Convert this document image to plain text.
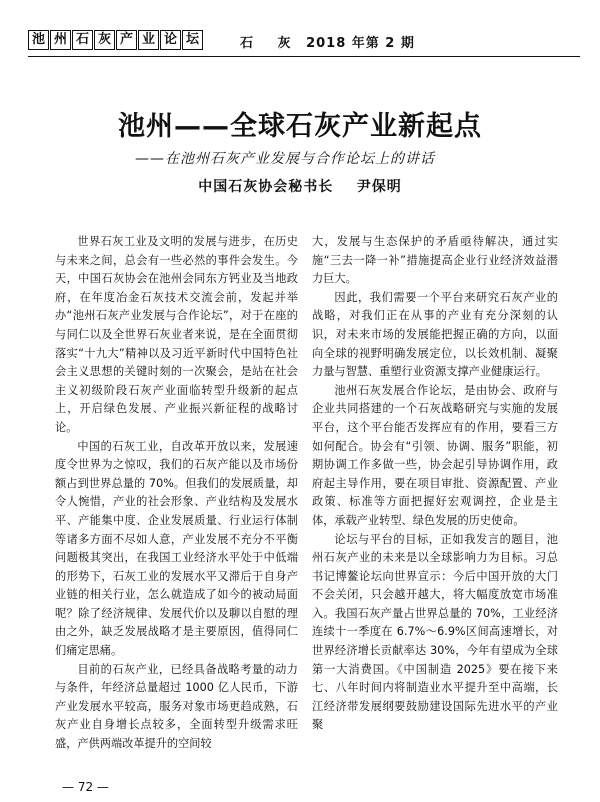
池 州 石 灰 产 业 论 坛	石 灰 2018 年第 2 期
池州——全球石灰产业新起点
——在池州石灰产业发展与合作论坛上的讲话
中国石灰协会秘书长    尹保明

世界石灰工业及文明的发展与进步，在历史与未来之间，总会有一些必然的事件会发生。今天，中国石灰协会在池州会同东方钙业及当地政府，在年度冶金石灰技术交流会前，发起并举办“池州石灰产业发展与合作论坛”，对于在座的与同仁以及全世界石灰业者来说，是在全面贯彻落实“十九大”精神以及习近平新时代中国特色社会主义思想的关键时刻的一次聚会，是站在社会主义初级阶段石灰产业面临转型升级新的起点上，开启绿色发展、产业振兴新征程的战略讨论。

中国的石灰工业，自改革开放以来，发展速度令世界为之惊叹，我们的石灰产能以及市场份额占到世界总量的 70%。但我们的发展质量，却令人惋惜，产业的社会形象、产业结构及发展水平、产能集中度、企业发展质量、行业运行体制等诸多方面不尽如人意，产业发展不充分不平衡问题极其突出，在我国工业经济水平处于中低端的形势下，石灰工业的发展水平又滞后于自身产业链的相关行业，怎么就造成了如今的被动局面呢？除了经济规律、发展代价以及聊以自慰的理由之外，缺乏发展战略才是主要原因，值得同仁们痛定思痛。

目前的石灰产业，已经具备战略考量的动力与条件，年经济总量超过 1000 亿人民币，下游产业发展水平较高，服务对象市场更趋成熟，石灰产业自身增长点较多，全面转型升级需求旺盛，产供两端改革提升的空间较

大，发展与生态保护的矛盾亟待解决，通过实施“三去一降一补”措施提高企业行业经济效益潜力巨大。

因此，我们需要一个平台来研究石灰产业的战略，对我们正在从事的产业有充分深刻的认识，对未来市场的发展能把握正确的方向，以面向全球的视野明确发展定位，以长效机制、凝聚力量与智慧、重塑行业资源支撑产业健康运行。

池州石灰发展合作论坛，是由协会、政府与企业共同搭建的一个石灰战略研究与实施的发展平台，这个平台能否发挥应有的作用，要看三方如何配合。协会有“引领、协调、服务”职能，初期协调工作多做一些，协会起引导协调作用，政府起主导作用，要在项目审批、资源配置、产业政策、标准等方面把握好宏观调控，企业是主体，承载产业转型、绿色发展的历史使命。

论坛与平台的目标，正如我发言的题目，池州石灰产业的未来是以全球影响力为目标。习总书记博鳌论坛向世界宣示：今后中国开放的大门不会关闭，只会越开越大，将大幅度放宽市场准入。我国石灰产量占世界总量的 70%，工业经济连续十一季度在 6.7%～6.9%区间高速增长，对世界经济增长贡献率达 30%，今年有望成为全球第一大消费国。《中国制造 2025》要在接下来七、八年时间内将制造业水平提升至中高端，长江经济带发展纲要鼓励建设国际先进水平的产业聚

— 72 —
